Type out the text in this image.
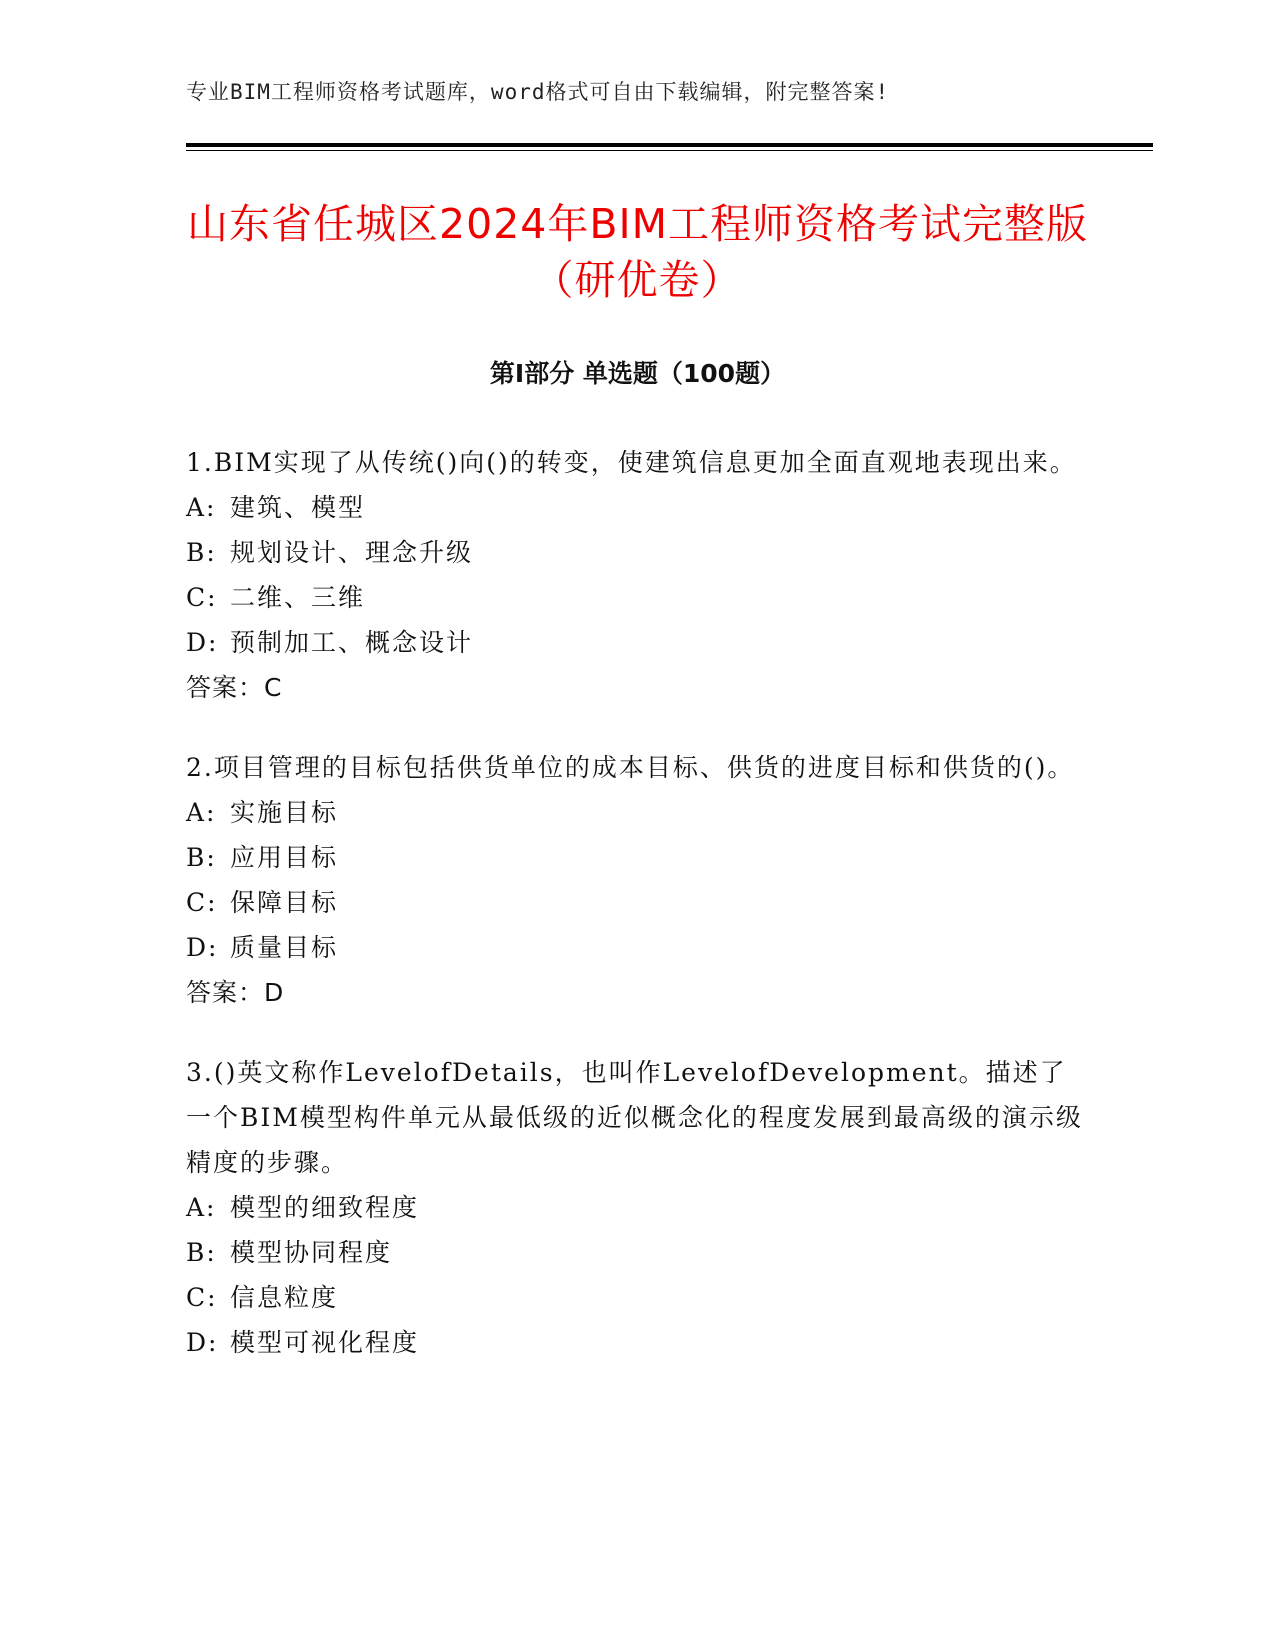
专业BIM工程师资格考试题库，word格式可自由下载编辑，附完整答案!
山东省任城区2024年BIM工程师资格考试完整版（研优卷）
第Ⅰ部分 单选题（100题）

1.BIM实现了从传统()向()的转变，使建筑信息更加全面直观地表现出来。

A: 建筑、模型

B: 规划设计、理念升级

C: 二维、三维

D: 预制加工、概念设计

答案：C

2.项目管理的目标包括供货单位的成本目标、供货的进度目标和供货的()。

A: 实施目标

B: 应用目标

C: 保障目标

D: 质量目标

答案：D

3.()英文称作LevelofDetails，也叫作LevelofDevelopment。描述了一个BIM模型构件单元从最低级的近似概念化的程度发展到最高级的演示级精度的步骤。

A: 模型的细致程度

B: 模型协同程度

C: 信息粒度

D: 模型可视化程度
